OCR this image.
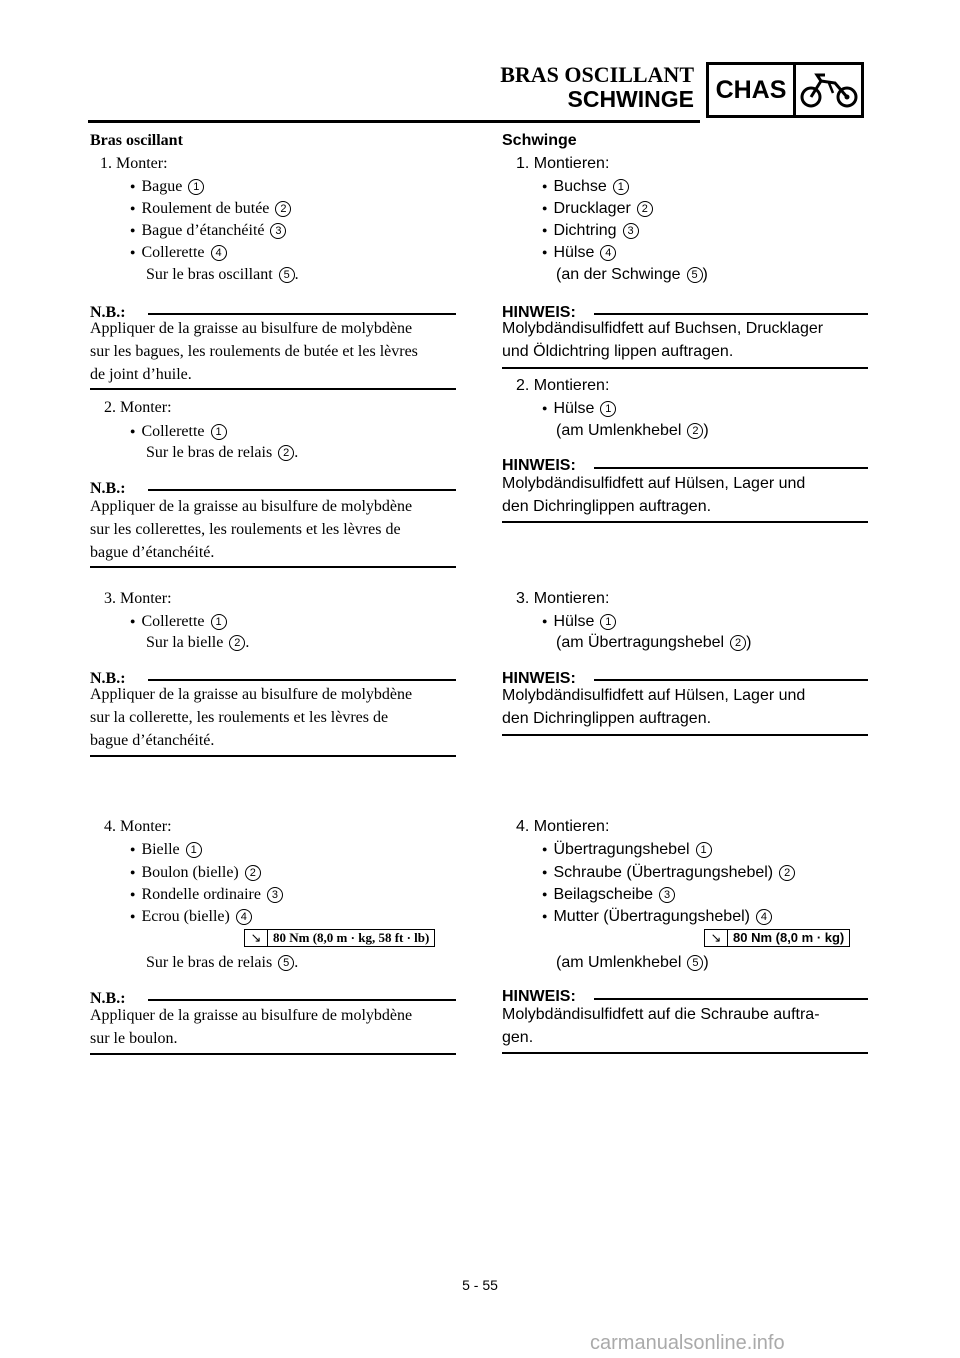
BRAS OSCILLANT
SCHWINGE CHAS
Bras oscillant
1. Monter:
● Bague 1
● Roulement de butée 2
● Bague d’étanchéité 3
● Collerette 4
Sur le bras oscillant 5 .
N.B.:
Appliquer de la graisse au bisulfure de molybdène
sur les bagues, les roulements de butée et les lèvres
de joint d’huile.
2. Monter:
● Collerette 1
Sur le bras de relais 2 .
N.B.:
Appliquer de la graisse au bisulfure de molybdène
sur les collerettes, les roulements et les lèvres de
bague d’étanchéité.
3. Monter:
● Collerette 1
Sur la bielle 2 .
N.B.:
Appliquer de la graisse au bisulfure de molybdène
sur la collerette, les roulements et les lèvres de
bague d’étanchéité.
4. Monter:
● Bielle 1
● Boulon (bielle) 2
● Rondelle ordinaire 3
● Ecrou (bielle) 4
↘ 80 Nm (8,0 m · kg, 58 ft · lb)
Sur le bras de relais 5 .
N.B.:
Appliquer de la graisse au bisulfure de molybdène
sur le boulon.
Schwinge
1. Montieren:
● Buchse 1
● Drucklager 2
● Dichtring 3
● Hülse 4
(an der Schwinge 5 )
HINWEIS:
Molybdändisulfidfett auf Buchsen, Drucklager
und Öldichtring lippen auftragen.
2. Montieren:
● Hülse 1
(am Umlenkhebel 2 )
HINWEIS:
Molybdändisulfidfett auf Hülsen, Lager und
den Dichringlippen auftragen.
3. Montieren:
● Hülse 1
(am Übertragungshebel 2 )
HINWEIS:
Molybdändisulfidfett auf Hülsen, Lager und
den Dichringlippen auftragen.
4. Montieren:
● Übertragungshebel 1
● Schraube (Übertragungshebel) 2
● Beilagscheibe 3
● Mutter (Übertragungshebel) 4
↘ 80 Nm (8,0 m · kg)
(am Umlenkhebel 5 )
HINWEIS:
Molybdändisulfidfett auf die Schraube auftra-
gen.
5 - 55
carmanualsonline.info
